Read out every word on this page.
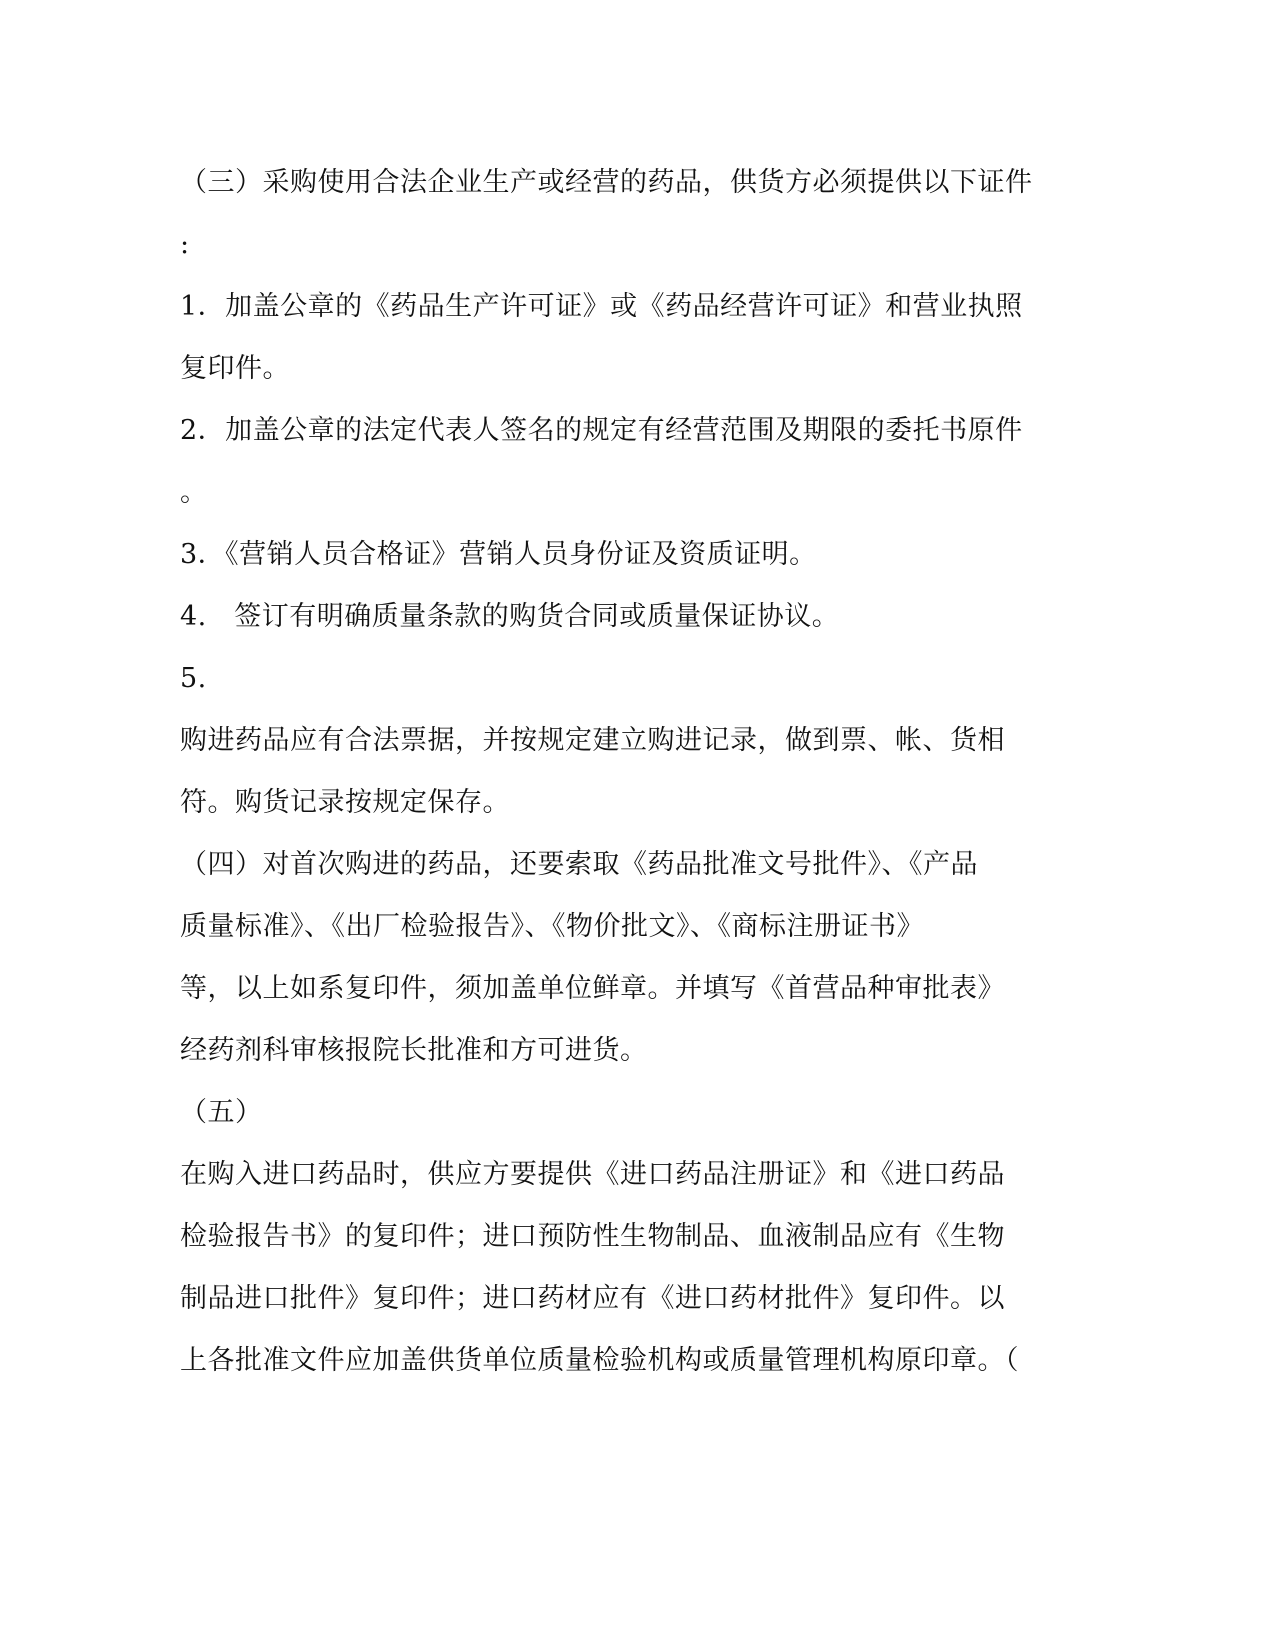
（三）采购使用合法企业生产或经营的药品，供货方必须提供以下证件
:
1．加盖公章的《药品生产许可证》或《药品经营许可证》和营业执照
复印件。
2．加盖公章的法定代表人签名的规定有经营范围及期限的委托书原件
。
3．《营销人员合格证》营销人员身份证及资质证明。
4.　签订有明确质量条款的购货合同或质量保证协议。
5.
购进药品应有合法票据，并按规定建立购进记录，做到票、帐、货相
符。购货记录按规定保存。
（四）对首次购进的药品，还要索取《药品批准文号批件》、《产品
质量标准》、《出厂检验报告》、《物价批文》、《商标注册证书》
等，以上如系复印件，须加盖单位鲜章。并填写《首营品种审批表》
经药剂科审核报院长批准和方可进货。
（五）
在购入进口药品时，供应方要提供《进口药品注册证》和《进口药品
检验报告书》的复印件；进口预防性生物制品、血液制品应有《生物
制品进口批件》复印件；进口药材应有《进口药材批件》复印件。以
上各批准文件应加盖供货单位质量检验机构或质量管理机构原印章。（
